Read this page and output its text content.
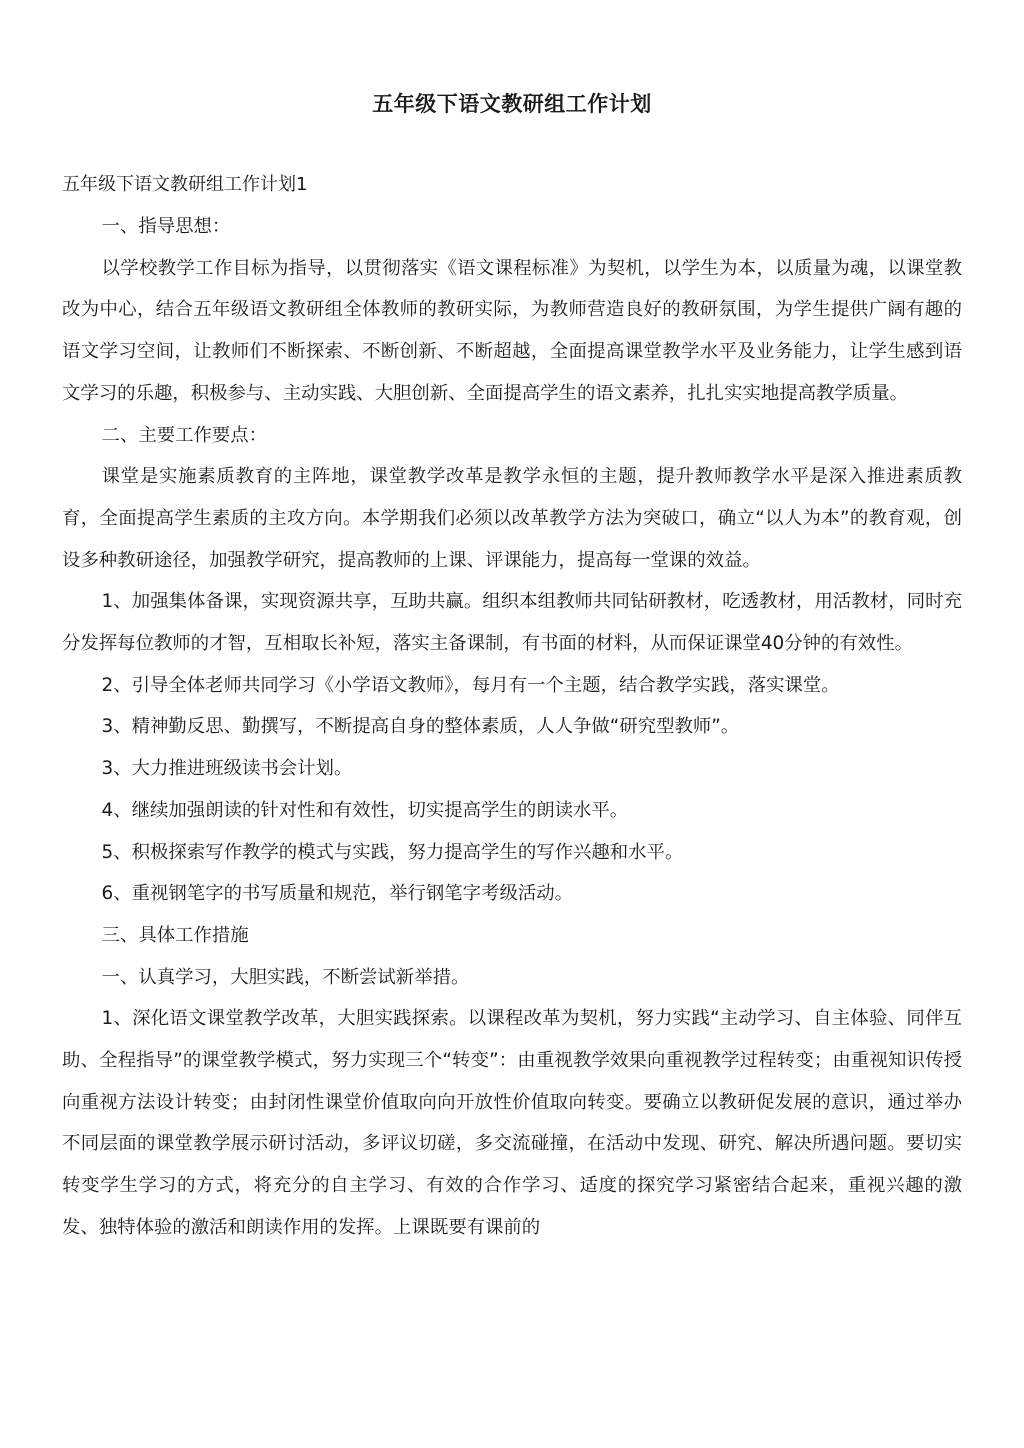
五年级下语文教研组工作计划

五年级下语文教研组工作计划1

一、指导思想：

以学校教学工作目标为指导，以贯彻落实《语文课程标准》为契机，以学生为本，以质量为魂，以课堂教改为中心，结合五年级语文教研组全体教师的教研实际，为教师营造良好的教研氛围，为学生提供广阔有趣的语文学习空间，让教师们不断探索、不断创新、不断超越，全面提高课堂教学水平及业务能力，让学生感到语文学习的乐趣，积极参与、主动实践、大胆创新、全面提高学生的语文素养，扎扎实实地提高教学质量。

二、主要工作要点：

课堂是实施素质教育的主阵地，课堂教学改革是教学永恒的主题，提升教师教学水平是深入推进素质教育，全面提高学生素质的主攻方向。本学期我们必须以改革教学方法为突破口，确立“以人为本”的教育观，创设多种教研途径，加强教学研究，提高教师的上课、评课能力，提高每一堂课的效益。

1、加强集体备课，实现资源共享，互助共赢。组织本组教师共同钻研教材，吃透教材，用活教材，同时充分发挥每位教师的才智，互相取长补短，落实主备课制，有书面的材料，从而保证课堂40分钟的有效性。

2、引导全体老师共同学习《小学语文教师》，每月有一个主题，结合教学实践，落实课堂。

3、精神勤反思、勤撰写，不断提高自身的整体素质，人人争做“研究型教师”。

3、大力推进班级读书会计划。

4、继续加强朗读的针对性和有效性，切实提高学生的朗读水平。

5、积极探索写作教学的模式与实践，努力提高学生的写作兴趣和水平。

6、重视钢笔字的书写质量和规范，举行钢笔字考级活动。

三、具体工作措施

一、认真学习，大胆实践，不断尝试新举措。

1、深化语文课堂教学改革，大胆实践探索。以课程改革为契机，努力实践“主动学习、自主体验、同伴互助、全程指导”的课堂教学模式，努力实现三个“转变”：由重视教学效果向重视教学过程转变；由重视知识传授向重视方法设计转变；由封闭性课堂价值取向向开放性价值取向转变。要确立以教研促发展的意识，通过举办不同层面的课堂教学展示研讨活动，多评议切磋，多交流碰撞，在活动中发现、研究、解决所遇问题。要切实转变学生学习的方式，将充分的自主学习、有效的合作学习、适度的探究学习紧密结合起来，重视兴趣的激发、独特体验的激活和朗读作用的发挥。上课既要有课前的
